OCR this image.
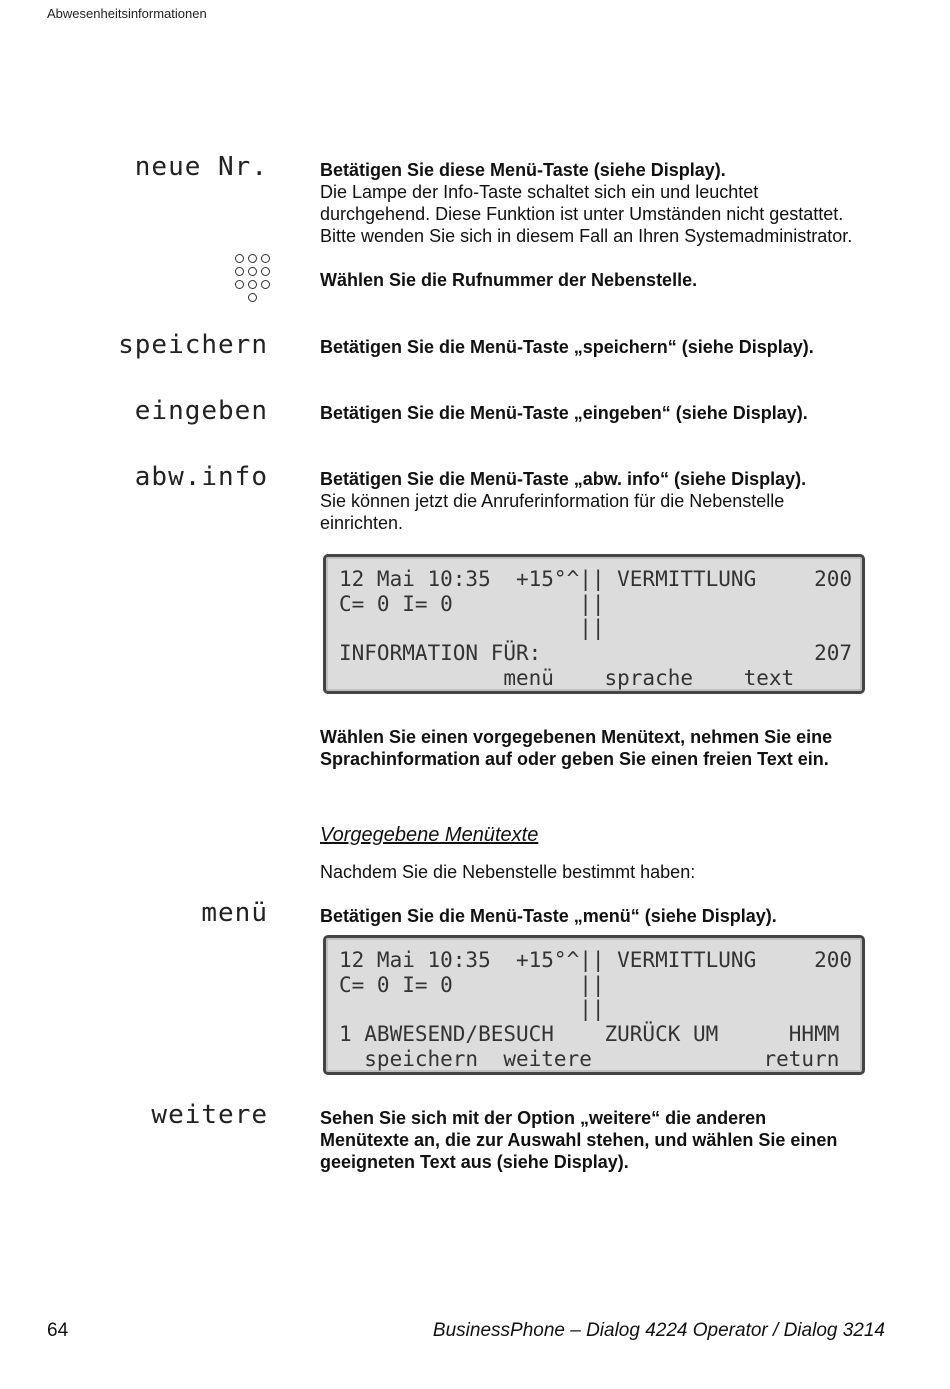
Abwesenheitsinformationen
neue Nr.	Betätigen Sie diese Menü-Taste (siehe Display).
Die Lampe der Info-Taste schaltet sich ein und leuchtet
durchgehend. Diese Funktion ist unter Umständen nicht gestattet.
Bitte wenden Sie sich in diesem Fall an Ihren Systemadministrator.
Wählen Sie die Rufnummer der Nebenstelle.
speichern	Betätigen Sie die Menü-Taste „speichern“ (siehe Display).
eingeben	Betätigen Sie die Menü-Taste „eingeben“ (siehe Display).
abw.info	Betätigen Sie die Menü-Taste „abw. info“ (siehe Display).
Sie können jetzt die Anruferinformation für die Nebenstelle
einrichten.
12 Mai 10:35  +15°^|| VERMITTLUNG	200
C= 0 I= 0          ||
||
INFORMATION FÜR:	207
menü    sprache    text
Wählen Sie einen vorgegebenen Menütext, nehmen Sie eine
Sprachinformation auf oder geben Sie einen freien Text ein.
Vorgegebene Menütexte
Nachdem Sie die Nebenstelle bestimmt haben:
menü	Betätigen Sie die Menü-Taste „menü“ (siehe Display).
12 Mai 10:35  +15°^|| VERMITTLUNG	200
C= 0 I= 0          ||
||
1 ABWESEND/BESUCH    ZURÜCK UM	HHMM
speichern  weitere	return
weitere	Sehen Sie sich mit der Option „weitere“ die anderen
Menütexte an, die zur Auswahl stehen, und wählen Sie einen
geeigneten Text aus (siehe Display).
64	BusinessPhone – Dialog 4224 Operator / Dialog 3214
